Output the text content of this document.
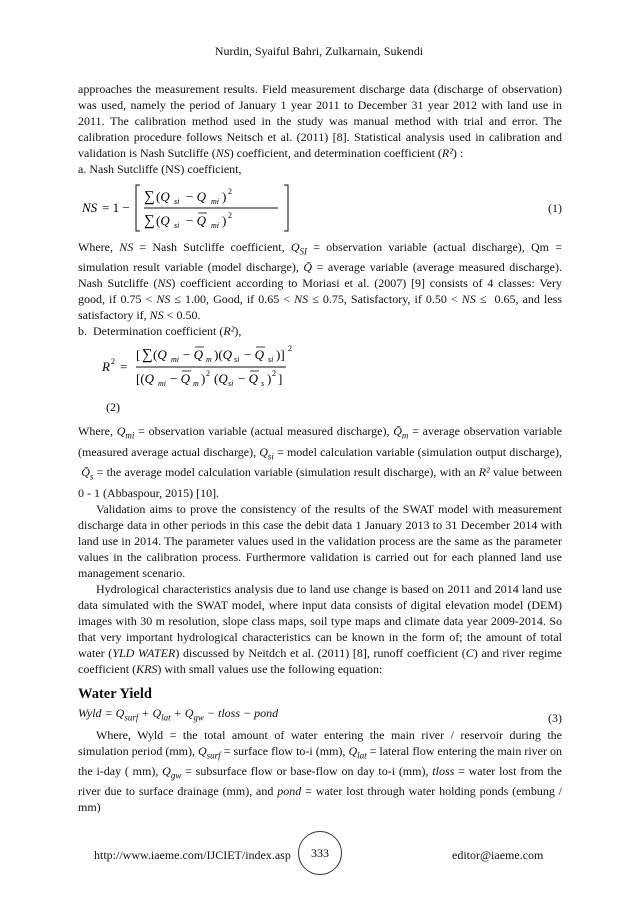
Nurdin, Syaiful Bahri, Zulkarnain, Sukendi

approaches the measurement results. Field measurement discharge data (discharge of observation) was used, namely the period of January 1 year 2011 to December 31 year 2012 with land use in 2011. The calibration method used in the study was manual method with trial and error. The calibration procedure follows Neitsch et al. (2011) [8]. Statistical analysis used in calibration and validation is Nash Sutcliffe (NS) coefficient, and determination coefficient (R²) :

a. Nash Sutcliffe (NS) coefficient,

NS = 1 −
∑ (Q si − Q mi ) 2
∑ (Q si − Q mi ) 2
(1)

Where, NS = Nash Sutcliffe coefficient, $Q_{SI}$ = observation variable (actual discharge), Qm = simulation result variable (model discharge), Q̄ = average variable (average measured discharge). Nash Sutcliffe (NS) coefficient according to Moriasi et al. (2007) [9] consists of 4 classes: Very good, if 0.75 < NS ≤ 1.00, Good, if 0.65 < NS ≤ 0.75, Satisfactory, if 0.50 < NS ≤  0.65, and less satisfactory if, NS < 0.50.

b.  Determination coefficient (R²),

R 2 =
[ ∑ (Q mi − Q m )(Q si − Q si )] 2
[(Q mi − Q m ) 2 (Q si − Q s ) 2 ]
(2)

Where, $Q_{mi}$ = observation variable (actual measured discharge), $Q̄_m$ = average observation variable (measured average actual discharge), $Q_{si}$ = model calculation variable (simulation output discharge),  $Q̄_s$ = the average model calculation variable (simulation result discharge), with an R² value between 0 - 1 (Abbaspour, 2015) [10].

Validation aims to prove the consistency of the results of the SWAT model with measurement discharge data in other periods in this case the debit data 1 January 2013 to 31 December 2014 with land use in 2014. The parameter values used in the validation process are the same as the parameter values in the calibration process. Furthermore validation is carried out for each planned land use management scenario.

Hydrological characteristics analysis due to land use change is based on 2011 and 2014 land use data simulated with the SWAT model, where input data consists of digital elevation model (DEM) images with 30 m resolution, slope class maps, soil type maps and climate data year 2009-2014. So that very important hydrological characteristics can be known in the form of; the amount of total water (YLD WATER) discussed by Neitdch et al. (2011) [8], runoff coefficient (C) and river regime coefficient (KRS) with small values use the following equation:

Water Yield
Wyld = $Q_{surf} + Q_{lat} + Q_{gw}$ − tloss − pond	(3)

Where, Wyld = the total amount of water entering the main river / reservoir during the simulation period (mm), $Q_{surf}$ = surface flow to-i (mm), $Q_{lat}$ = lateral flow entering the main river on the i-day ( mm), $Q_{gw}$ = subsurface flow or base-flow on day to-i (mm), tloss = water lost from the river due to surface drainage (mm), and pond = water lost through water holding ponds (embung / mm)

http://www.iaeme.com/IJCIET/index.asp	333	editor@iaeme.com
